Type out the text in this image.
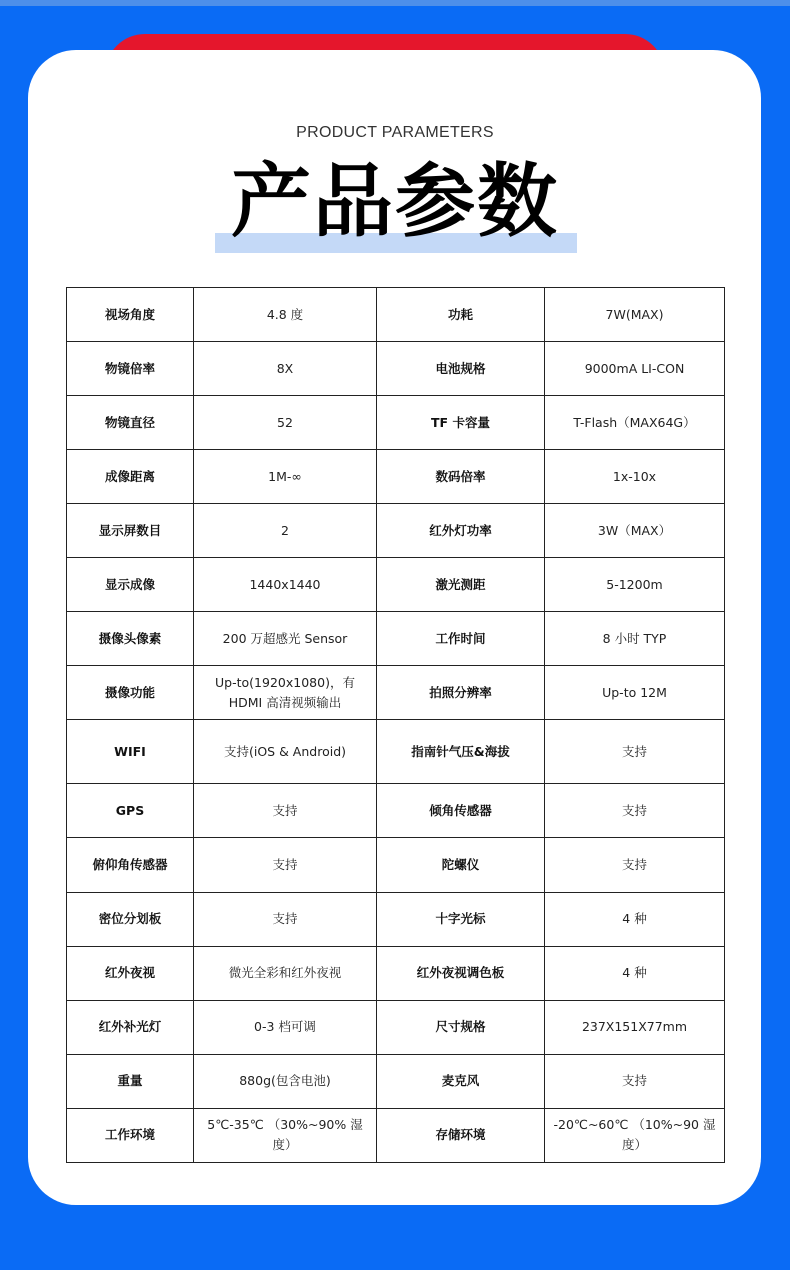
PRODUCT PARAMETERS
产品参数
视场角度	4.8 度	功耗	7W(MAX)
物镜倍率	8X	电池规格	9000mA LI-CON
物镜直径	52	TF 卡容量	T-Flash（MAX64G）
成像距离	1M-∞	数码倍率	1x-10x
显示屏数目	2	红外灯功率	3W（MAX）
显示成像	1440x1440	激光测距	5-1200m
摄像头像素	200 万超感光 Sensor	工作时间	8 小时 TYP
摄像功能	Up-to(1920x1080)，有 HDMI 高清视频输出	拍照分辨率	Up-to 12M
WIFI	支持(iOS & Android)	指南针气压&海拔	支持
GPS	支持	倾角传感器	支持
俯仰角传感器	支持	陀螺仪	支持
密位分划板	支持	十字光标	4 种
红外夜视	微光全彩和红外夜视	红外夜视调色板	4 种
红外补光灯	0-3 档可调	尺寸规格	237X151X77mm
重量	880g(包含电池)	麦克风	支持
工作环境	5℃-35℃ （30%~90% 湿度）	存储环境	-20℃~60℃ （10%~90 湿度）
